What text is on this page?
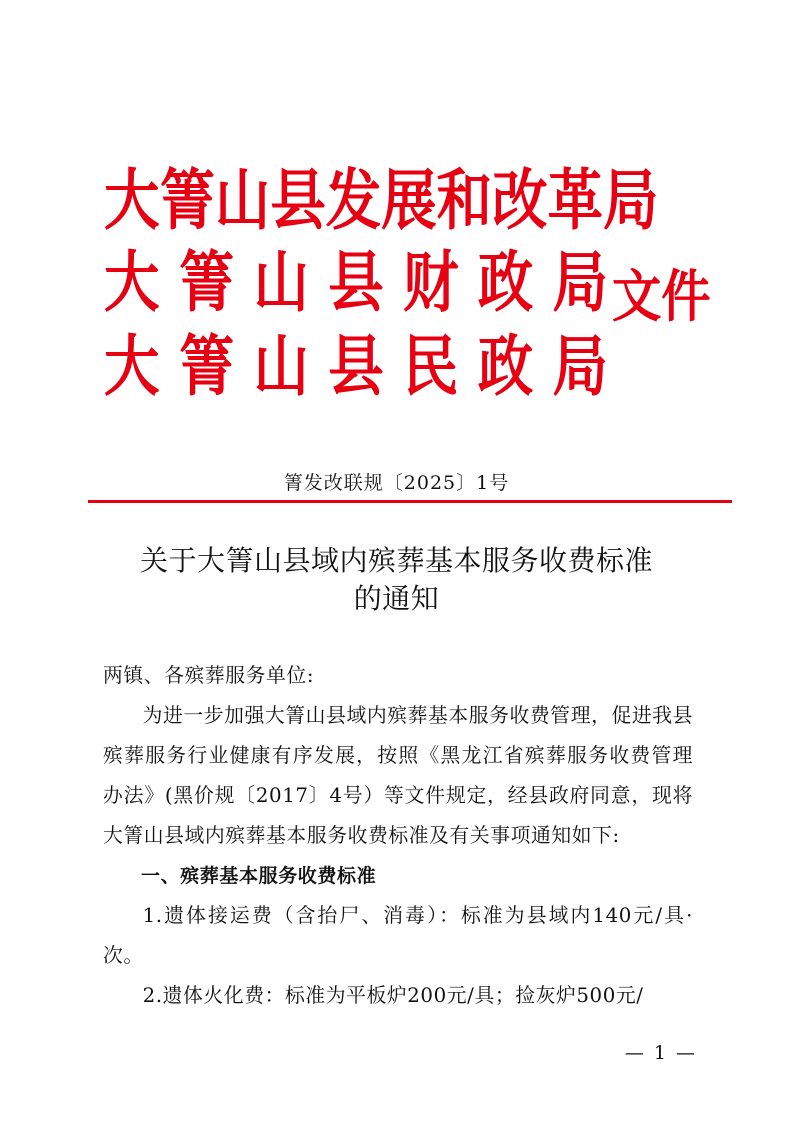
大 箐 山 县 发 展 和 改 革 局
大 箐 山 县 财 政 局
大 箐 山 县 民 政 局
文件
箐发改联规〔2025〕1号
关于大箐山县域内殡葬基本服务收费标准
的通知

两镇、各殡葬服务单位:

为进一步加强大箐山县域内殡葬基本服务收费管理，促进我县殡葬服务行业健康有序发展，按照《黑龙江省殡葬服务收费管理办法》(黑价规〔2017〕4号）等文件规定，经县政府同意，现将大箐山县域内殡葬基本服务收费标准及有关事项通知如下:

一、殡葬基本服务收费标准

1.遗体接运费（含抬尸、消毒）：标准为县域内140元/具·次。

2.遗体火化费：标准为平板炉200元/具；捡灰炉500元/

— 1 —
